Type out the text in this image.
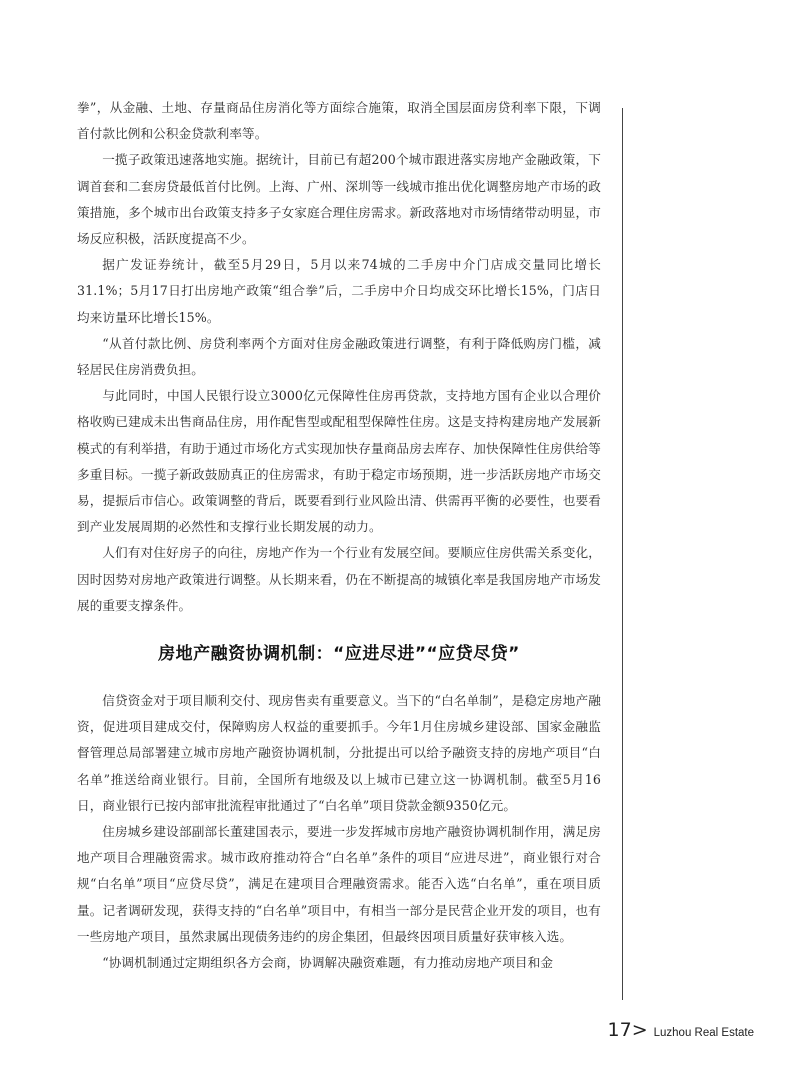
拳”，从金融、土地、存量商品住房消化等方面综合施策，取消全国层面房贷利率下限，下调首付款比例和公积金贷款利率等。

一揽子政策迅速落地实施。据统计，目前已有超200个城市跟进落实房地产金融政策，下调首套和二套房贷最低首付比例。上海、广州、深圳等一线城市推出优化调整房地产市场的政策措施，多个城市出台政策支持多子女家庭合理住房需求。新政落地对市场情绪带动明显，市场反应积极，活跃度提高不少。

据广发证券统计，截至5月29日，5月以来74城的二手房中介门店成交量同比增长31.1%；5月17日打出房地产政策“组合拳”后，二手房中介日均成交环比增长15%，门店日均来访量环比增长15%。

“从首付款比例、房贷利率两个方面对住房金融政策进行调整，有利于降低购房门槛，减轻居民住房消费负担。

与此同时，中国人民银行设立3000亿元保障性住房再贷款，支持地方国有企业以合理价格收购已建成未出售商品住房，用作配售型或配租型保障性住房。这是支持构建房地产发展新模式的有利举措，有助于通过市场化方式实现加快存量商品房去库存、加快保障性住房供给等多重目标。一揽子新政鼓励真正的住房需求，有助于稳定市场预期，进一步活跃房地产市场交易，提振后市信心。政策调整的背后，既要看到行业风险出清、供需再平衡的必要性，也要看到产业发展周期的必然性和支撑行业长期发展的动力。

人们有对住好房子的向往，房地产作为一个行业有发展空间。要顺应住房供需关系变化，因时因势对房地产政策进行调整。从长期来看，仍在不断提高的城镇化率是我国房地产市场发展的重要支撑条件。

房地产融资协调机制：“应进尽进”“应贷尽贷”

信贷资金对于项目顺利交付、现房售卖有重要意义。当下的“白名单制”，是稳定房地产融资，促进项目建成交付，保障购房人权益的重要抓手。今年1月住房城乡建设部、国家金融监督管理总局部署建立城市房地产融资协调机制，分批提出可以给予融资支持的房地产项目“白名单”推送给商业银行。目前，全国所有地级及以上城市已建立这一协调机制。截至5月16日，商业银行已按内部审批流程审批通过了“白名单”项目贷款金额9350亿元。

住房城乡建设部副部长董建国表示，要进一步发挥城市房地产融资协调机制作用，满足房地产项目合理融资需求。城市政府推动符合“白名单”条件的项目“应进尽进”，商业银行对合规“白名单”项目“应贷尽贷”，满足在建项目合理融资需求。能否入选“白名单”，重在项目质量。记者调研发现，获得支持的“白名单”项目中，有相当一部分是民营企业开发的项目，也有一些房地产项目，虽然隶属出现债务违约的房企集团，但最终因项目质量好获审核入选。

“协调机制通过定期组织各方会商，协调解决融资难题，有力推动房地产项目和金

17> Luzhou Real Estate
